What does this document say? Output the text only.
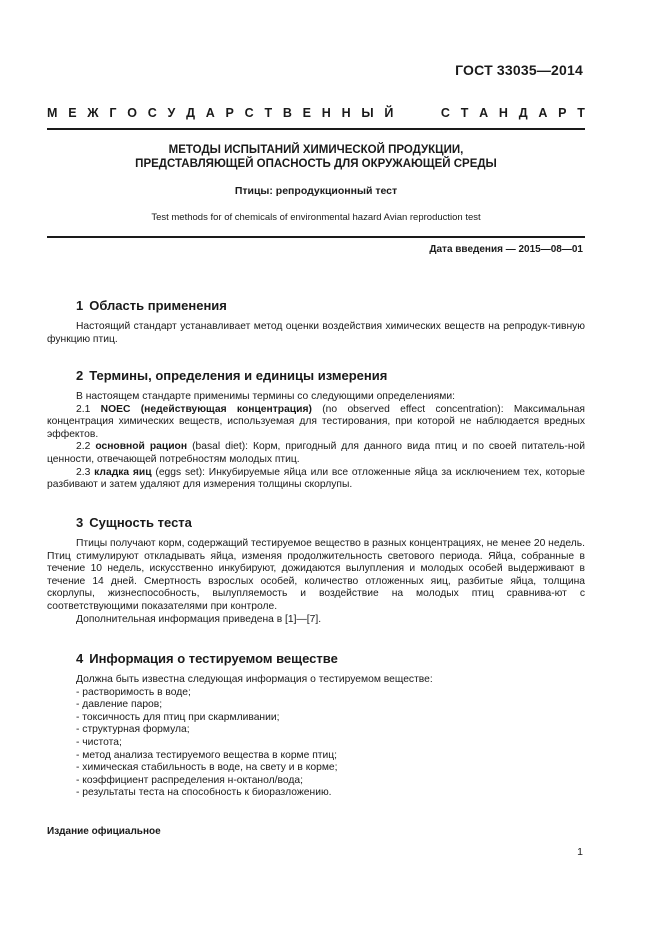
ГОСТ 33035—2014
М Е Ж Г О С У Д А Р С Т В Е Н Н Ы Й	С Т А Н Д А Р Т
МЕТОДЫ ИСПЫТАНИЙ ХИМИЧЕСКОЙ ПРОДУКЦИИ,
ПРЕДСТАВЛЯЮЩЕЙ ОПАСНОСТЬ ДЛЯ ОКРУЖАЮЩЕЙ СРЕДЫ
Птицы: репродукционный тест
Test methods for of chemicals of environmental hazard Avian reproduction test
Дата введения — 2015—08—01
1 Область применения

Настоящий стандарт устанавливает метод оценки воздействия химических веществ на репродук-тивную функцию птиц.

2 Термины, определения и единицы измерения

В настоящем стандарте применимы термины со следующими определениями:

2.1 NOEC (недействующая концентрация) (no observed effect concentration): Максимальная концентрация химических веществ, используемая для тестирования, при которой не наблюдается вредных эффектов.

2.2 основной рацион (basal diet): Корм, пригодный для данного вида птиц и по своей питатель-ной ценности, отвечающей потребностям молодых птиц.

2.3 кладка яиц (eggs set): Инкубируемые яйца или все отложенные яйца за исключением тех, которые разбивают и затем удаляют для измерения толщины скорлупы.

3 Сущность теста

Птицы получают корм, содержащий тестируемое вещество в разных концентрациях, не менее 20 недель. Птиц стимулируют откладывать яйца, изменяя продолжительность светового периода. Яйца, собранные в течение 10 недель, искусственно инкубируют, дожидаются вылупления и молодых особей выдерживают в течение 14 дней. Смертность взрослых особей, количество отложенных яиц, разбитые яйца, толщина скорлупы, жизнеспособность, вылупляемость и воздействие на молодых птиц сравнива-ют с соответствующими показателями при контроле.

Дополнительная информация приведена в [1]—[7].

4 Информация о тестируемом веществе

Должна быть известна следующая информация о тестируемом веществе:

- растворимость в воде;

- давление паров;

- токсичность для птиц при скармливании;

- структурная формула;

- чистота;

- метод анализа тестируемого вещества в корме птиц;

- химическая стабильность в воде, на свету и в корме;

- коэффициент распределения н-октанол/вода;

- результаты теста на способность к биоразложению.

Издание официальное
1
